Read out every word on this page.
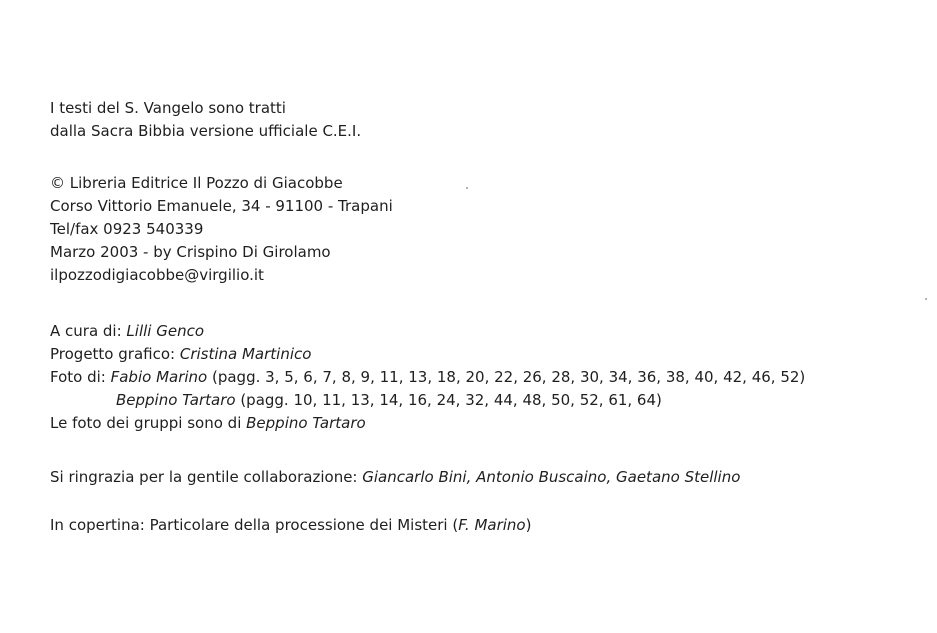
I testi del S. Vangelo sono tratti
dalla Sacra Bibbia versione ufficiale C.E.I.
© Libreria Editrice Il Pozzo di Giacobbe
Corso Vittorio Emanuele, 34 - 91100 - Trapani
Tel/fax 0923 540339
Marzo 2003 - by Crispino Di Girolamo
ilpozzodigiacobbe@virgilio.it
A cura di: Lilli Genco
Progetto grafico: Cristina Martinico
Foto di: Fabio Marino (pagg. 3, 5, 6, 7, 8, 9, 11, 13, 18, 20, 22, 26, 28, 30, 34, 36, 38, 40, 42, 46, 52)
Beppino Tartaro (pagg. 10, 11, 13, 14, 16, 24, 32, 44, 48, 50, 52, 61, 64)
Le foto dei gruppi sono di Beppino Tartaro
Si ringrazia per la gentile collaborazione: Giancarlo Bini, Antonio Buscaino, Gaetano Stellino
In copertina: Particolare della processione dei Misteri (F. Marino)
